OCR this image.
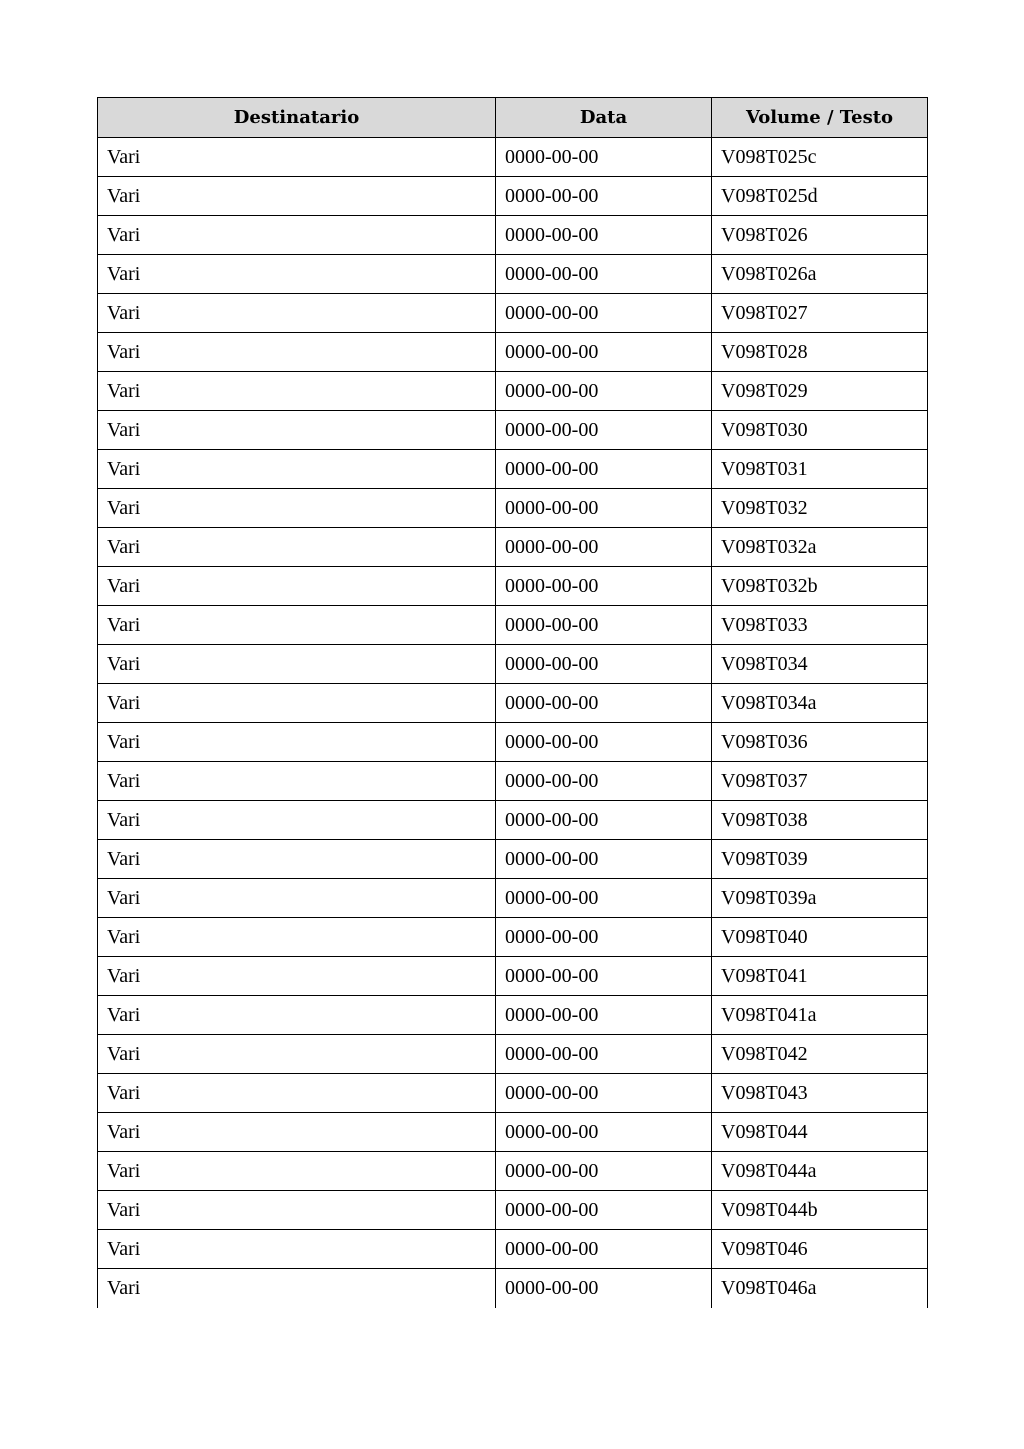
Destinatario	Data	Volume / Testo
Vari	0000-00-00	V098T025c
Vari	0000-00-00	V098T025d
Vari	0000-00-00	V098T026
Vari	0000-00-00	V098T026a
Vari	0000-00-00	V098T027
Vari	0000-00-00	V098T028
Vari	0000-00-00	V098T029
Vari	0000-00-00	V098T030
Vari	0000-00-00	V098T031
Vari	0000-00-00	V098T032
Vari	0000-00-00	V098T032a
Vari	0000-00-00	V098T032b
Vari	0000-00-00	V098T033
Vari	0000-00-00	V098T034
Vari	0000-00-00	V098T034a
Vari	0000-00-00	V098T036
Vari	0000-00-00	V098T037
Vari	0000-00-00	V098T038
Vari	0000-00-00	V098T039
Vari	0000-00-00	V098T039a
Vari	0000-00-00	V098T040
Vari	0000-00-00	V098T041
Vari	0000-00-00	V098T041a
Vari	0000-00-00	V098T042
Vari	0000-00-00	V098T043
Vari	0000-00-00	V098T044
Vari	0000-00-00	V098T044a
Vari	0000-00-00	V098T044b
Vari	0000-00-00	V098T046
Vari	0000-00-00	V098T046a
